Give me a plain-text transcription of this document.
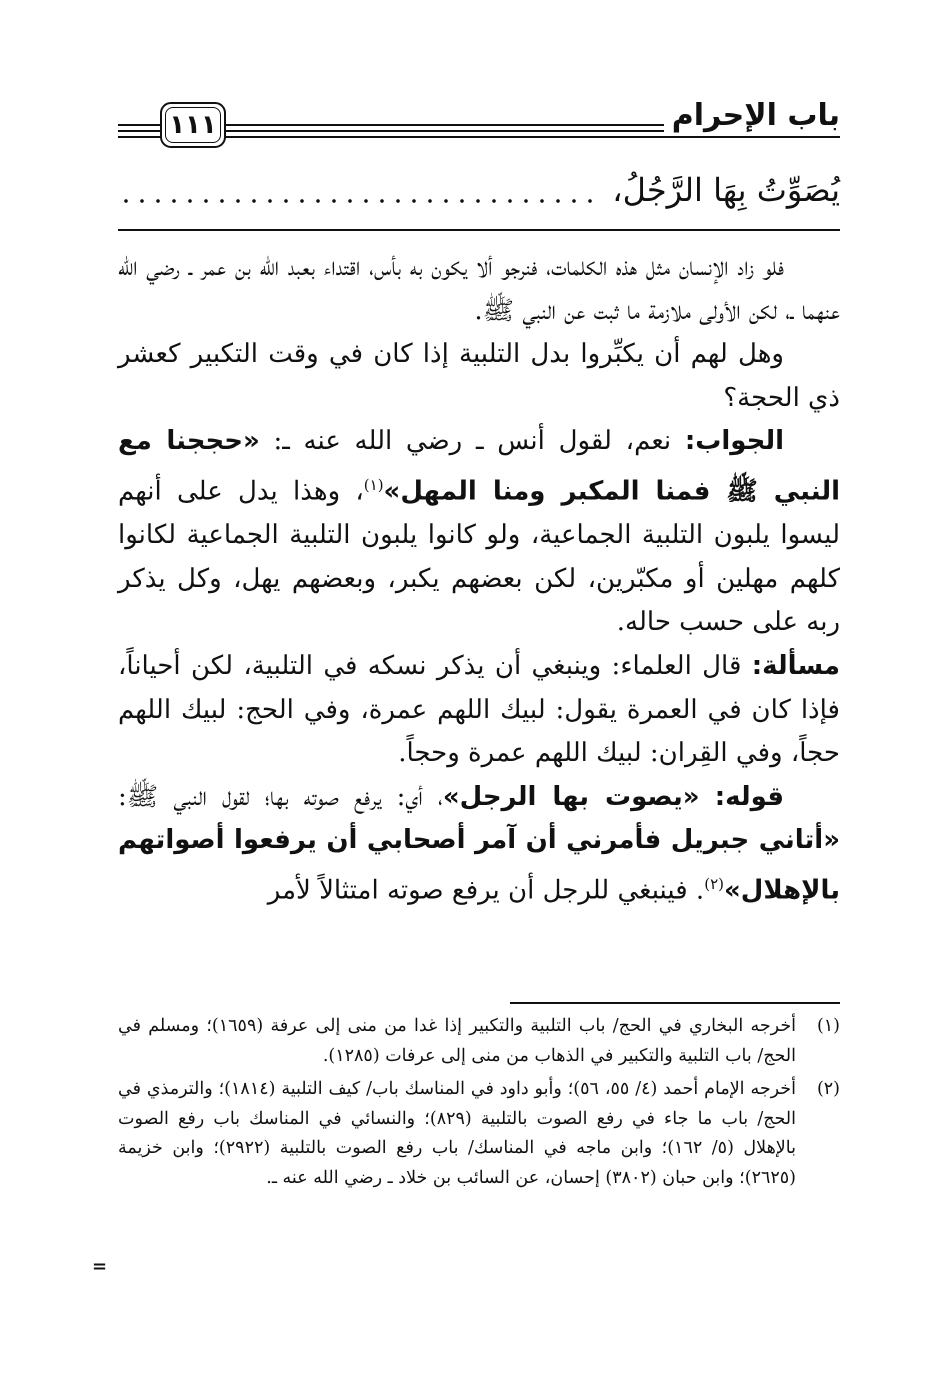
١١١	باب الإحرام
يُصَوِّتُ بِهَا الرَّجُلُ،

فلو زاد الإنسان مثل هذه الكلمات، فنرجو ألا يكون به بأس، اقتداء بعبد الله بن عمر ـ رضي الله عنهما ـ، لكن الأولى ملازمة ما ثبت عن النبي ﷺ.

وهل لهم أن يكبِّروا بدل التلبية إذا كان في وقت التكبير كعشر ذي الحجة؟

الجواب: نعم، لقول أنس ـ رضي الله عنه ـ: «حججنا مع النبي ﷺ فمنا المكبر ومنا المهل»$^{(١)}$، وهذا يدل على أنهم ليسوا يلبون التلبية الجماعية، ولو كانوا يلبون التلبية الجماعية لكانوا كلهم مهلين أو مكبّرين، لكن بعضهم يكبر، وبعضهم يهل، وكل يذكر ربه على حسب حاله.

مسألة: قال العلماء: وينبغي أن يذكر نسكه في التلبية، لكن أحياناً، فإذا كان في العمرة يقول: لبيك اللهم عمرة، وفي الحج: لبيك اللهم حجاً، وفي القِران: لبيك اللهم عمرة وحجاً.

قوله: «يصوت بها الرجل»، أي: يرفع صوته بها؛ لقول النبي ﷺ: «أتاني جبريل فأمرني أن آمر أصحابي أن يرفعوا أصواتهم بالإهلال»$^{(٢)}$. فينبغي للرجل أن يرفع صوته امتثالاً لأمر

(١)
أخرجه البخاري في الحج/ باب التلبية والتكبير إذا غدا من منى إلى عرفة (١٦٥٩)؛ ومسلم في الحج/ باب التلبية والتكبير في الذهاب من منى إلى عرفات (١٢٨٥).
(٢)
أخرجه الإمام أحمد (٤/ ٥٥، ٥٦)؛ وأبو داود في المناسك باب/ كيف التلبية (١٨١٤)؛ والترمذي في الحج/ باب ما جاء في رفع الصوت بالتلبية (٨٢٩)؛ والنسائي في المناسك باب رفع الصوت بالإهلال (٥/ ١٦٢)؛ وابن ماجه في المناسك/ باب رفع الصوت بالتلبية (٢٩٢٢)؛ وابن خزيمة (٢٦٢٥)؛ وابن حبان (٣٨٠٢) إحسان، عن السائب بن خلاد ـ رضي الله عنه ـ.
=
